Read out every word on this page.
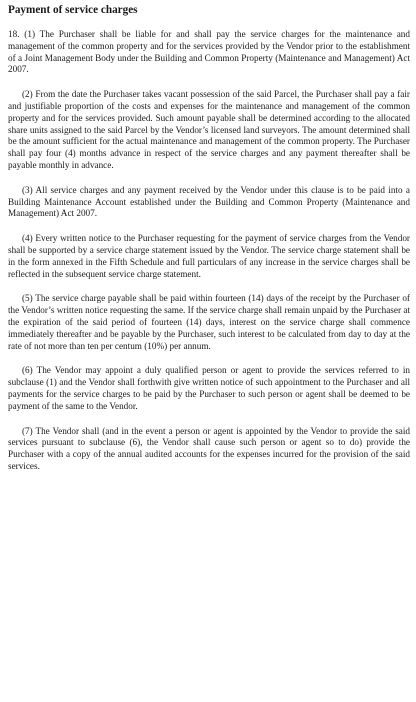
Payment of service charges

18. (1) The Purchaser shall be liable for and shall pay the service charges for the maintenance and management of the common property and for the services provided by the Vendor prior to the establishment of a Joint Management Body under the Building and Common Property (Maintenance and Management) Act 2007.

(2) From the date the Purchaser takes vacant possession of the said Parcel, the Purchaser shall pay a fair and justifiable proportion of the costs and expenses for the maintenance and management of the common property and for the services provided. Such amount payable shall be determined according to the allocated share units assigned to the said Parcel by the Vendor’s licensed land surveyors. The amount determined shall be the amount sufficient for the actual maintenance and management of the common property. The Purchaser shall pay four (4) months advance in respect of the service charges and any payment thereafter shall be payable monthly in advance.

(3) All service charges and any payment received by the Vendor under this clause is to be paid into a Building Maintenance Account established under the Building and Common Property (Maintenance and Management) Act 2007.

(4) Every written notice to the Purchaser requesting for the payment of service charges from the Vendor shall be supported by a service charge statement issued by the Vendor. The service charge statement shall be in the form annexed in the Fifth Schedule and full particulars of any increase in the service charges shall be reflected in the subsequent service charge statement.

(5) The service charge payable shall be paid within fourteen (14) days of the receipt by the Purchaser of the Vendor’s written notice requesting the same. If the service charge shall remain unpaid by the Purchaser at the expiration of the said period of fourteen (14) days, interest on the service charge shall commence immediately thereafter and be payable by the Purchaser, such interest to be calculated from day to day at the rate of not more than ten per centum (10%) per annum.

(6) The Vendor may appoint a duly qualified person or agent to provide the services referred to in subclause (1) and the Vendor shall forthwith give written notice of such appointment to the Purchaser and all payments for the service charges to be paid by the Purchaser to such person or agent shall be deemed to be payment of the same to the Vendor.

(7) The Vendor shall (and in the event a person or agent is appointed by the Vendor to provide the said services pursuant to subclause (6), the Vendor shall cause such person or agent so to do) provide the Purchaser with a copy of the annual audited accounts for the expenses incurred for the provision of the said services.
